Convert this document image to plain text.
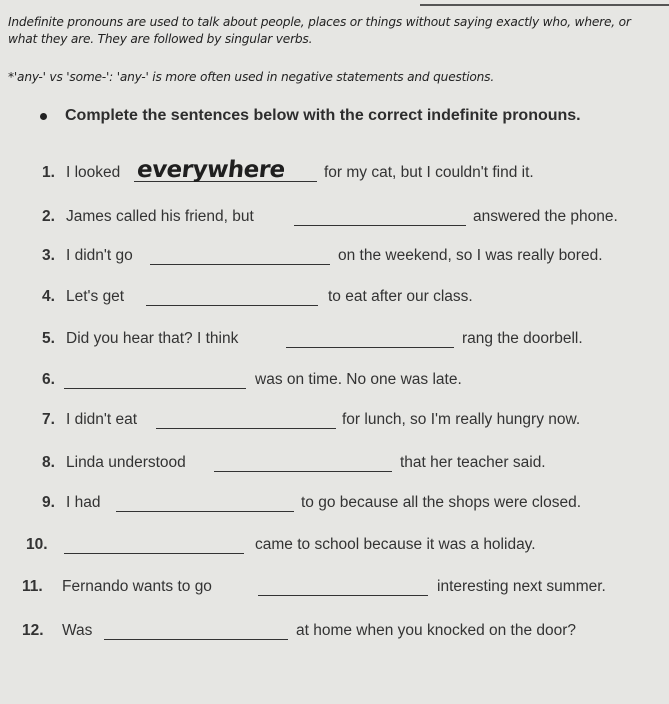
Indefinite pronouns are used to talk about people, places or things without saying exactly who, where, or what they are. They are followed by singular verbs.
*'any-' vs 'some-': 'any-' is more often used in negative statements and questions.
Complete the sentences below with the correct indefinite pronouns.
1. I looked everywhere for my cat, but I couldn't find it.
2. James called his friend, but	answered the phone.
3. I didn't go	on the weekend, so I was really bored.
4. Let's get	to eat after our class.
5. Did you hear that? I think	rang the doorbell.
6.	was on time. No one was late.
7. I didn't eat	for lunch, so I'm really hungry now.
8. Linda understood	that her teacher said.
9. I had	to go because all the shops were closed.
10.	came to school because it was a holiday.
11. Fernando wants to go	interesting next summer.
12. Was	at home when you knocked on the door?
